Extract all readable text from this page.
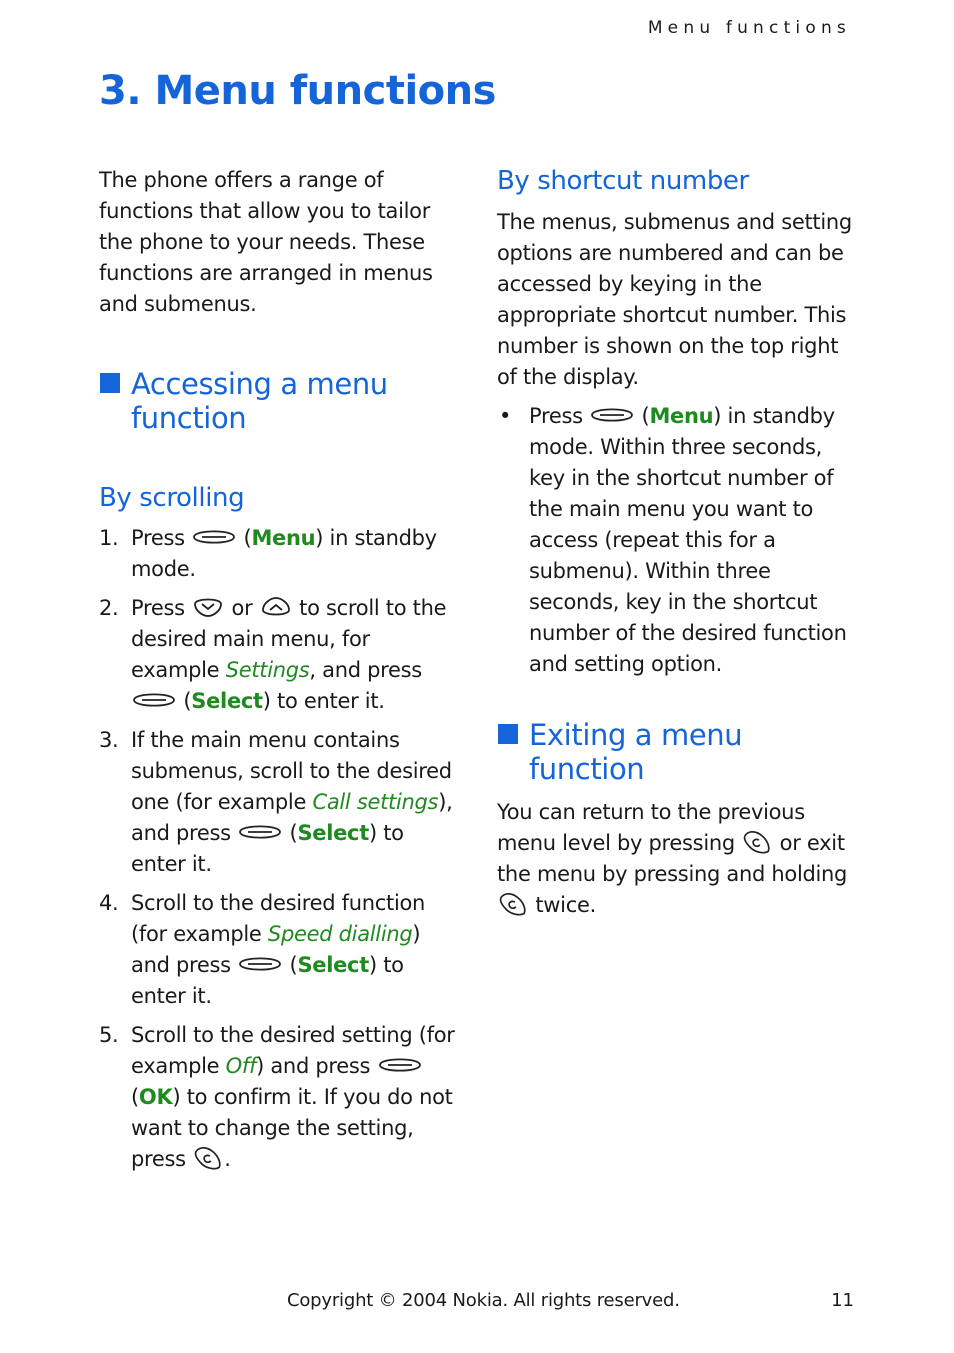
Menu functions
3. Menu functions

The phone offers a range of functions that allow you to tailor the phone to your needs. These functions are arranged in menus and submenus.

Accessing a menu function
By scrolling
1. Press  (Menu) in standby mode.
2. Press  or  to scroll to the desired main menu, for example Settings, and press  (Select) to enter it.
3. If the main menu contains submenus, scroll to the desired one (for example Call settings), and press  (Select) to enter it.
4. Scroll to the desired function (for example Speed dialling) and press  (Select) to enter it.
5. Scroll to the desired setting (for example Off) and press  (OK) to confirm it. If you do not want to change the setting, press .
By shortcut number

The menus, submenus and setting options are numbered and can be accessed by keying in the appropriate shortcut number. This number is shown on the top right of the display.

• Press  (Menu) in standby mode. Within three seconds, key in the shortcut number of the main menu you want to access (repeat this for a submenu). Within three seconds, key in the shortcut number of the desired function and setting option.
Exiting a menu function

You can return to the previous menu level by pressing  or exit the menu by pressing and holding  twice.

Copyright © 2004 Nokia. All rights reserved.	11
